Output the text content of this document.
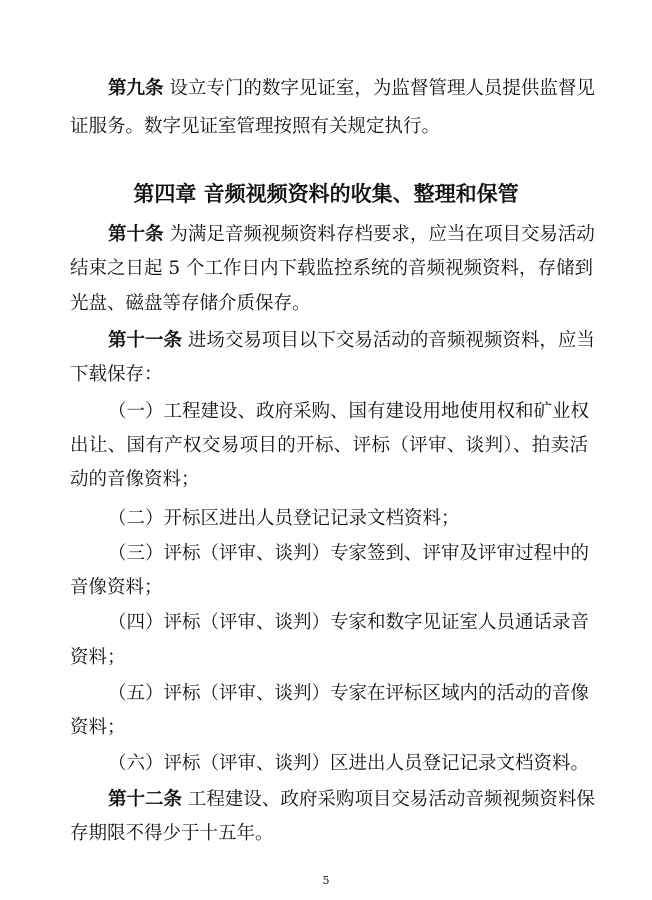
第九条 设立专门的数字见证室，为监督管理人员提供监督见
证服务。数字见证室管理按照有关规定执行。
第四章 音频视频资料的收集、整理和保管
第十条 为满足音频视频资料存档要求，应当在项目交易活动
结束之日起 5 个工作日内下载监控系统的音频视频资料，存储到
光盘、磁盘等存储介质保存。
第十一条 进场交易项目以下交易活动的音频视频资料，应当
下载保存：
（一）工程建设、政府采购、国有建设用地使用权和矿业权
出让、国有产权交易项目的开标、评标（评审、谈判）、拍卖活
动的音像资料；
（二）开标区进出人员登记记录文档资料；
（三）评标（评审、谈判）专家签到、评审及评审过程中的
音像资料；
（四）评标（评审、谈判）专家和数字见证室人员通话录音
资料；
（五）评标（评审、谈判）专家在评标区域内的活动的音像
资料；
（六）评标（评审、谈判）区进出人员登记记录文档资料。
第十二条 工程建设、政府采购项目交易活动音频视频资料保
存期限不得少于十五年。
5
